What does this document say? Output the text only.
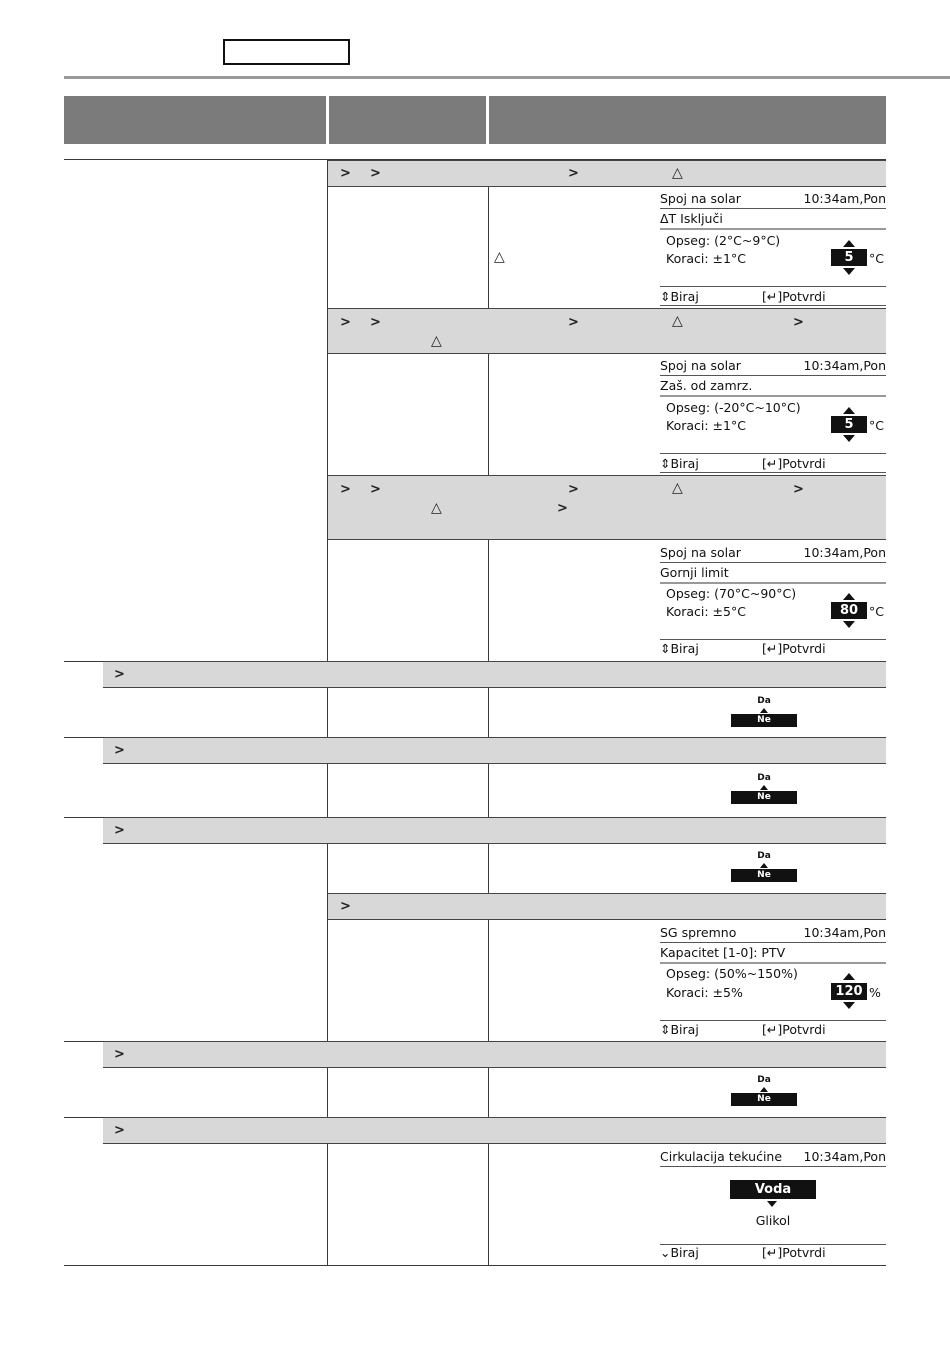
> >	>	△
△
> >	>	△	>
△
> >	>	△	>
△	>
Spoj na solar	10:34am,Pon
ΔT Isključi
Opseg: (2°C~9°C)
Koraci: ±1°C	5	°C
⇕Biraj	[↵]Potvrdi
Spoj na solar	10:34am,Pon
Zaš. od zamrz.
Opseg: (-20°C~10°C)
Koraci: ±1°C	5	°C
⇕Biraj	[↵]Potvrdi
Spoj na solar	10:34am,Pon
Gornji limit
Opseg: (70°C~90°C)
Koraci: ±5°C	80 °C
⇕Biraj	[↵]Potvrdi
>
Da
Ne
>
Da
Ne
>
Da
Ne
>
SG spremno	10:34am,Pon
Kapacitet [1-0]: PTV
Opseg: (50%~150%)
Koraci: ±5%	120 %
⇕Biraj	[↵]Potvrdi
>
Da
Ne
>
Cirkulacija tekućine 10:34am,Pon
Voda
Glikol
⌄Biraj	[↵]Potvrdi
